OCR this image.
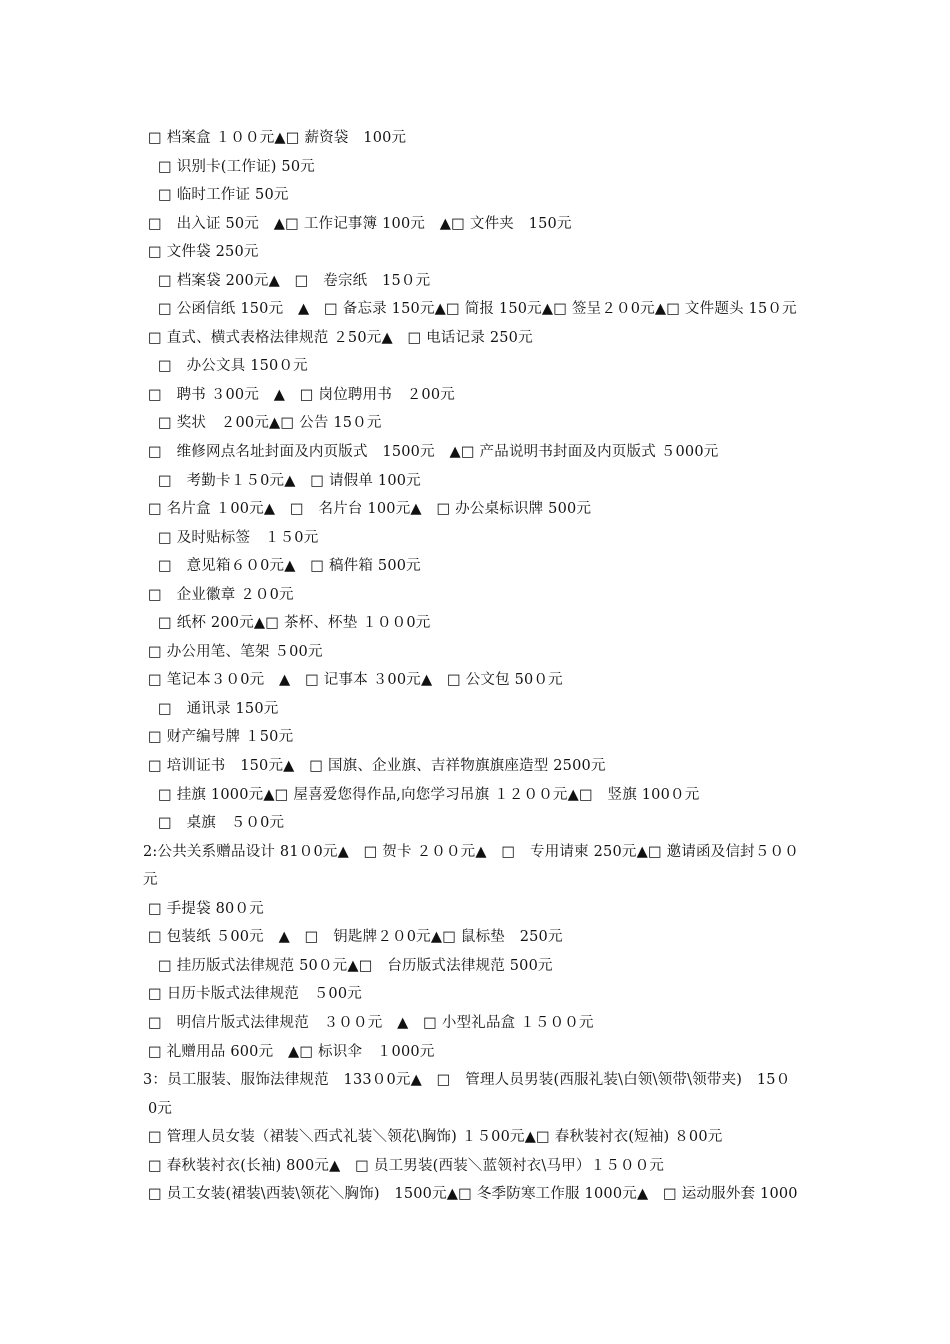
□ 档案盒 １００元▲□ 薪资袋　100元
□ 识别卡(工作证) 50元
□ 临时工作证 50元
□　出入证 50元　▲□ 工作记事簿 100元　▲□ 文件夹　150元
□ 文件袋 250元
□ 档案袋 200元▲　□　卷宗纸　15０元
□ 公函信纸 150元　▲　□ 备忘录 150元▲□ 简报 150元▲□ 签呈２０0元▲□ 文件题头 15０元
□ 直式、横式表格法律规范 ２50元▲　□ 电话记录 250元
□　办公文具 150０元
□　聘书 ３00元　▲　□ 岗位聘用书　２00元
□ 奖状　２00元▲□ 公告 15０元
□　维修网点名址封面及内页版式　1500元　▲□ 产品说明书封面及内页版式 ５000元
□　考勤卡１５0元▲　□ 请假单 100元
□ 名片盒 １00元▲　□　名片台 100元▲　□ 办公桌标识牌 500元
□ 及时贴标签　１５0元
□　意见箱６０0元▲　□ 稿件箱 500元
□　企业徽章 ２０0元
□ 纸杯 200元▲□ 茶杯、杯垫 １００0元
□ 办公用笔、笔架 ５00元
□ 笔记本３０0元　▲　□ 记事本 ３00元▲　□ 公文包 50０元
□　通讯录 150元
□ 财产编号牌 １50元
□ 培训证书　150元▲　□ 国旗、企业旗、吉祥物旗旗座造型 2500元
□ 挂旗 1000元▲□ 屋喜爱您得作品,向您学习吊旗 １２００元▲□　竖旗 100０元
□　桌旗　５０0元
2:公共关系赠品设计 81０0元▲　□ 贺卡 ２００元▲　□　专用请柬 250元▲□ 邀请函及信封５００
元
□ 手提袋 80０元
□ 包装纸 ５00元　▲　□　钥匙牌２０0元▲□ 鼠标垫　250元
□ 挂历版式法律规范 50０元▲□　台历版式法律规范 500元
□ 日历卡版式法律规范　５00元
□　明信片版式法律规范　３００元　▲　□ 小型礼品盒 １５００元
□ 礼赠用品 600元　▲□ 标识伞　１000元
3：员工服装、服饰法律规范　133０0元▲　□　管理人员男装(西服礼装\白领\领带\领带夹)　15０
0元
□ 管理人员女装（裙装＼西式礼装＼领花\胸饰) １５00元▲□ 春秋装衬衣(短袖) ８00元
□ 春秋装衬衣(长袖) 800元▲　□ 员工男装(西装＼蓝领衬衣\马甲）１５００元
□ 员工女装(裙装\西装\领花＼胸饰)　1500元▲□ 冬季防寒工作服 1000元▲　□ 运动服外套 1000
